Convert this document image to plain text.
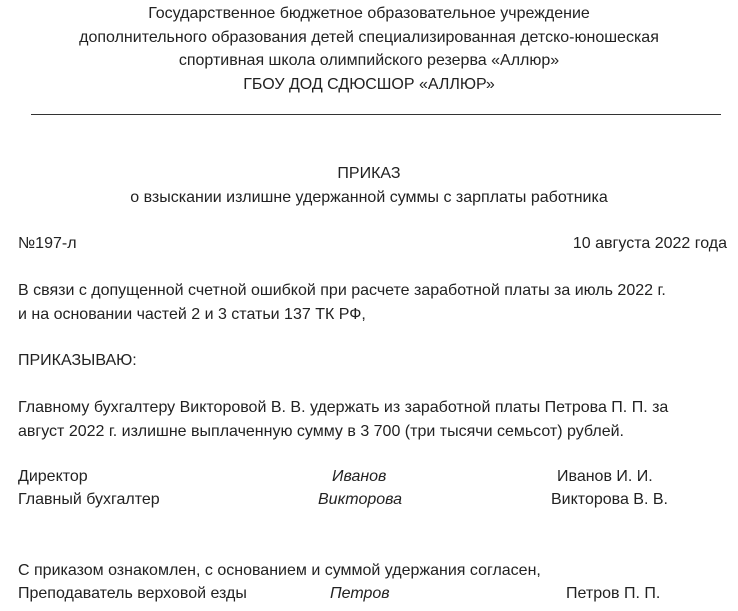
Государственное бюджетное образовательное учреждение
дополнительного образования детей специализированная детско-юношеская
спортивная школа олимпийского резерва «Аллюр»
ГБОУ ДОД СДЮСШОР «АЛЛЮР»
ПРИКАЗ
о взыскании излишне удержанной суммы с зарплаты работника
№197-л	10 августа 2022 года
В связи с допущенной счетной ошибкой при расчете заработной платы за июль 2022 г.
и на основании частей 2 и 3 статьи 137 ТК РФ,
ПРИКАЗЫВАЮ:
Главному бухгалтеру Викторовой В. В. удержать из заработной платы Петрова П. П. за
август 2022 г. излишне выплаченную сумму в 3 700 (три тысячи семьсот) рублей.
Директор	Иванов	Иванов И. И.
Главный бухгалтер	Викторова	Викторова В. В.
С приказом ознакомлен, с основанием и суммой удержания согласен,
Преподаватель верховой езды	Петров	Петров П. П.
